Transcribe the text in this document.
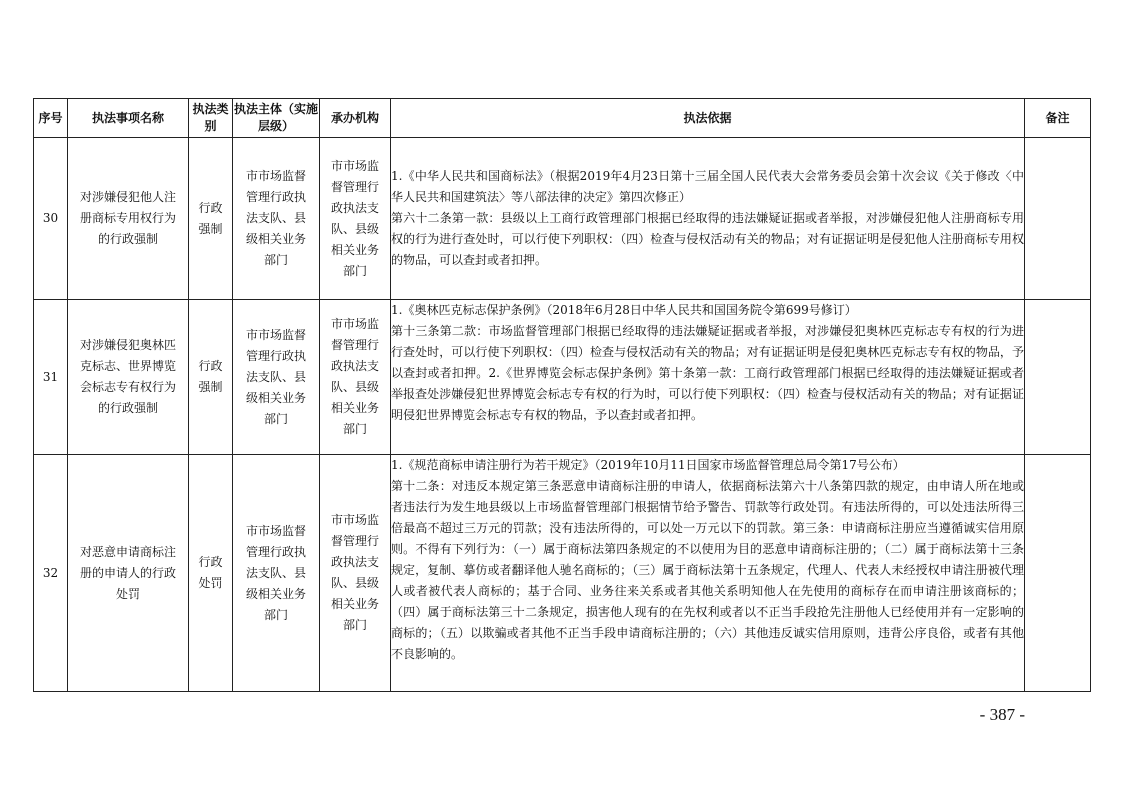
序号	执法事项名称	执法类别	执法主体（实施层级）	承办机构	执法依据	备注
30	对涉嫌侵犯他人注册商标专用权行为的行政强制	行政强制	市市场监督管理行政执法支队、县级相关业务部门	市市场监督管理行政执法支队、县级相关业务部门	1.《中华人民共和国商标法》（根据2019年4月23日第十三届全国人民代表大会常务委员会第十次会议《关于修改〈中华人民共和国建筑法〉等八部法律的决定》第四次修正）

第六十二条第一款：县级以上工商行政管理部门根据已经取得的违法嫌疑证据或者举报，对涉嫌侵犯他人注册商标专用权的行为进行查处时，可以行使下列职权：（四）检查与侵权活动有关的物品；对有证据证明是侵犯他人注册商标专用权的物品，可以查封或者扣押。	

31	对涉嫌侵犯奥林匹克标志、世界博览会标志专有权行为的行政强制	行政强制	市市场监督管理行政执法支队、县级相关业务部门	市市场监督管理行政执法支队、县级相关业务部门	1.《奥林匹克标志保护条例》（2018年6月28日中华人民共和国国务院令第699号修订）

第十三条第二款：市场监督管理部门根据已经取得的违法嫌疑证据或者举报，对涉嫌侵犯奥林匹克标志专有权的行为进行查处时，可以行使下列职权：（四）检查与侵权活动有关的物品；对有证据证明是侵犯奥林匹克标志专有权的物品，予以查封或者扣押。2.《世界博览会标志保护条例》第十条第一款：工商行政管理部门根据已经取得的违法嫌疑证据或者举报查处涉嫌侵犯世界博览会标志专有权的行为时，可以行使下列职权：（四）检查与侵权活动有关的物品；对有证据证明侵犯世界博览会标志专有权的物品，予以查封或者扣押。	

32	对恶意申请商标注册的申请人的行政处罚	行政处罚	市市场监督管理行政执法支队、县级相关业务部门	市市场监督管理行政执法支队、县级相关业务部门	1.《规范商标申请注册行为若干规定》（2019年10月11日国家市场监督管理总局令第17号公布）

第十二条：对违反本规定第三条恶意申请商标注册的申请人，依据商标法第六十八条第四款的规定，由申请人所在地或者违法行为发生地县级以上市场监督管理部门根据情节给予警告、罚款等行政处罚。有违法所得的，可以处违法所得三倍最高不超过三万元的罚款；没有违法所得的，可以处一万元以下的罚款。第三条：申请商标注册应当遵循诚实信用原则。不得有下列行为：（一）属于商标法第四条规定的不以使用为目的恶意申请商标注册的；（二）属于商标法第十三条规定，复制、摹仿或者翻译他人驰名商标的；（三）属于商标法第十五条规定，代理人、代表人未经授权申请注册被代理人或者被代表人商标的；基于合同、业务往来关系或者其他关系明知他人在先使用的商标存在而申请注册该商标的；（四）属于商标法第三十二条规定，损害他人现有的在先权利或者以不正当手段抢先注册他人已经使用并有一定影响的商标的；（五）以欺骗或者其他不正当手段申请商标注册的；（六）其他违反诚实信用原则，违背公序良俗，或者有其他不良影响的。	

- 387 -
